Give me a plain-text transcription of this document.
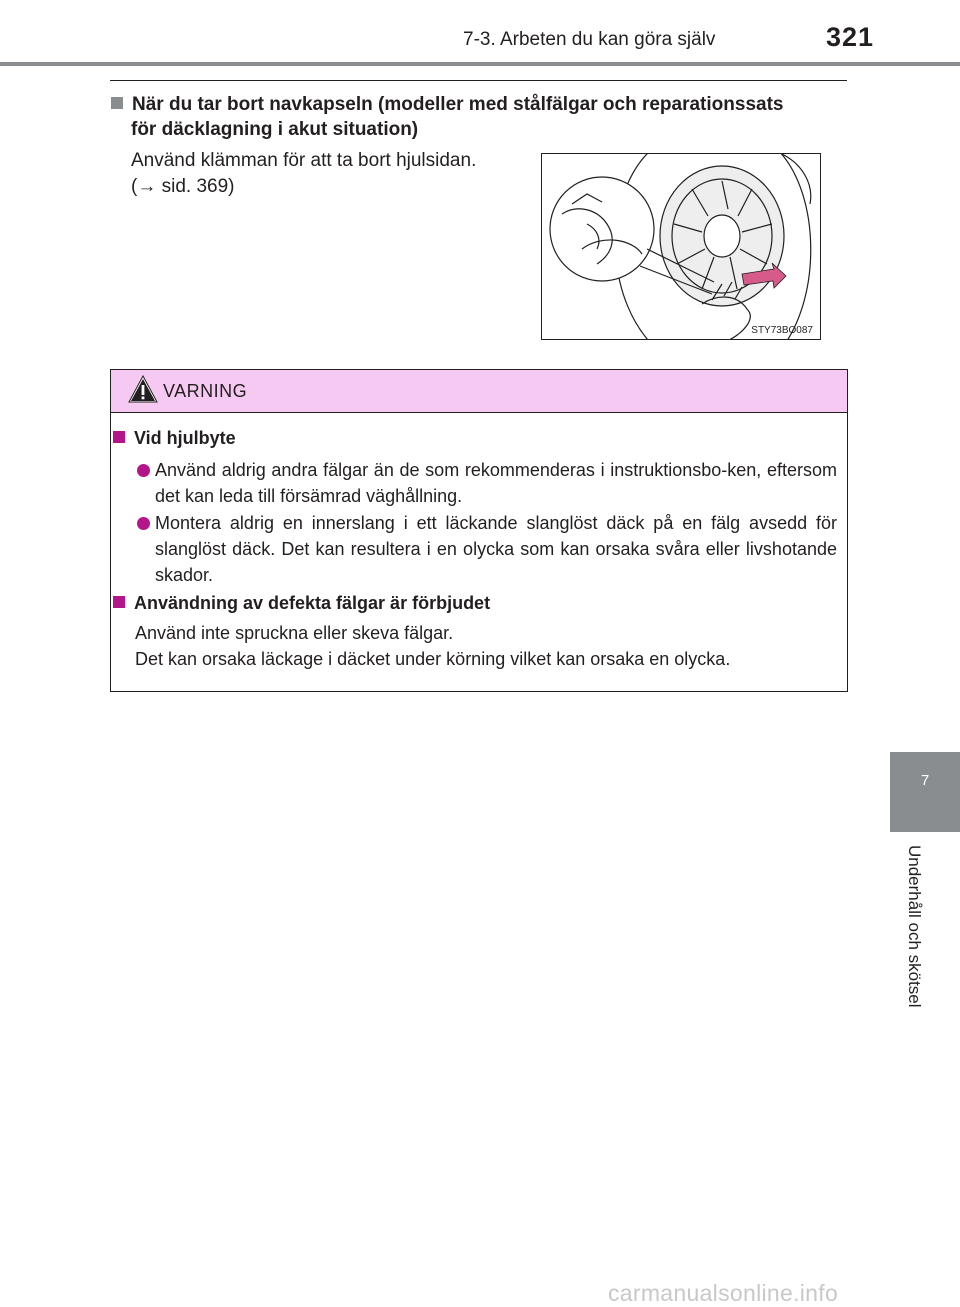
7-3. Arbeten du kan göra själv	321
När du tar bort navkapseln (modeller med stålfälgar och reparationssats
för däcklagning i akut situation)
Använd klämman för att ta bort hjulsidan.
(→ sid. 369)
STY73BO087
VARNING
Vid hjulbyte
Använd aldrig andra fälgar än de som rekommenderas i instruktionsbo-ken, eftersom det kan leda till försämrad väghållning.
Montera aldrig en innerslang i ett läckande slanglöst däck på en fälg avsedd för slanglöst däck. Det kan resultera i en olycka som kan orsaka svåra eller livshotande skador.
Användning av defekta fälgar är förbjudet
Använd inte spruckna eller skeva fälgar.
Det kan orsaka läckage i däcket under körning vilket kan orsaka en olycka.
7
Underhåll och skötsel
carmanualsonline.info
